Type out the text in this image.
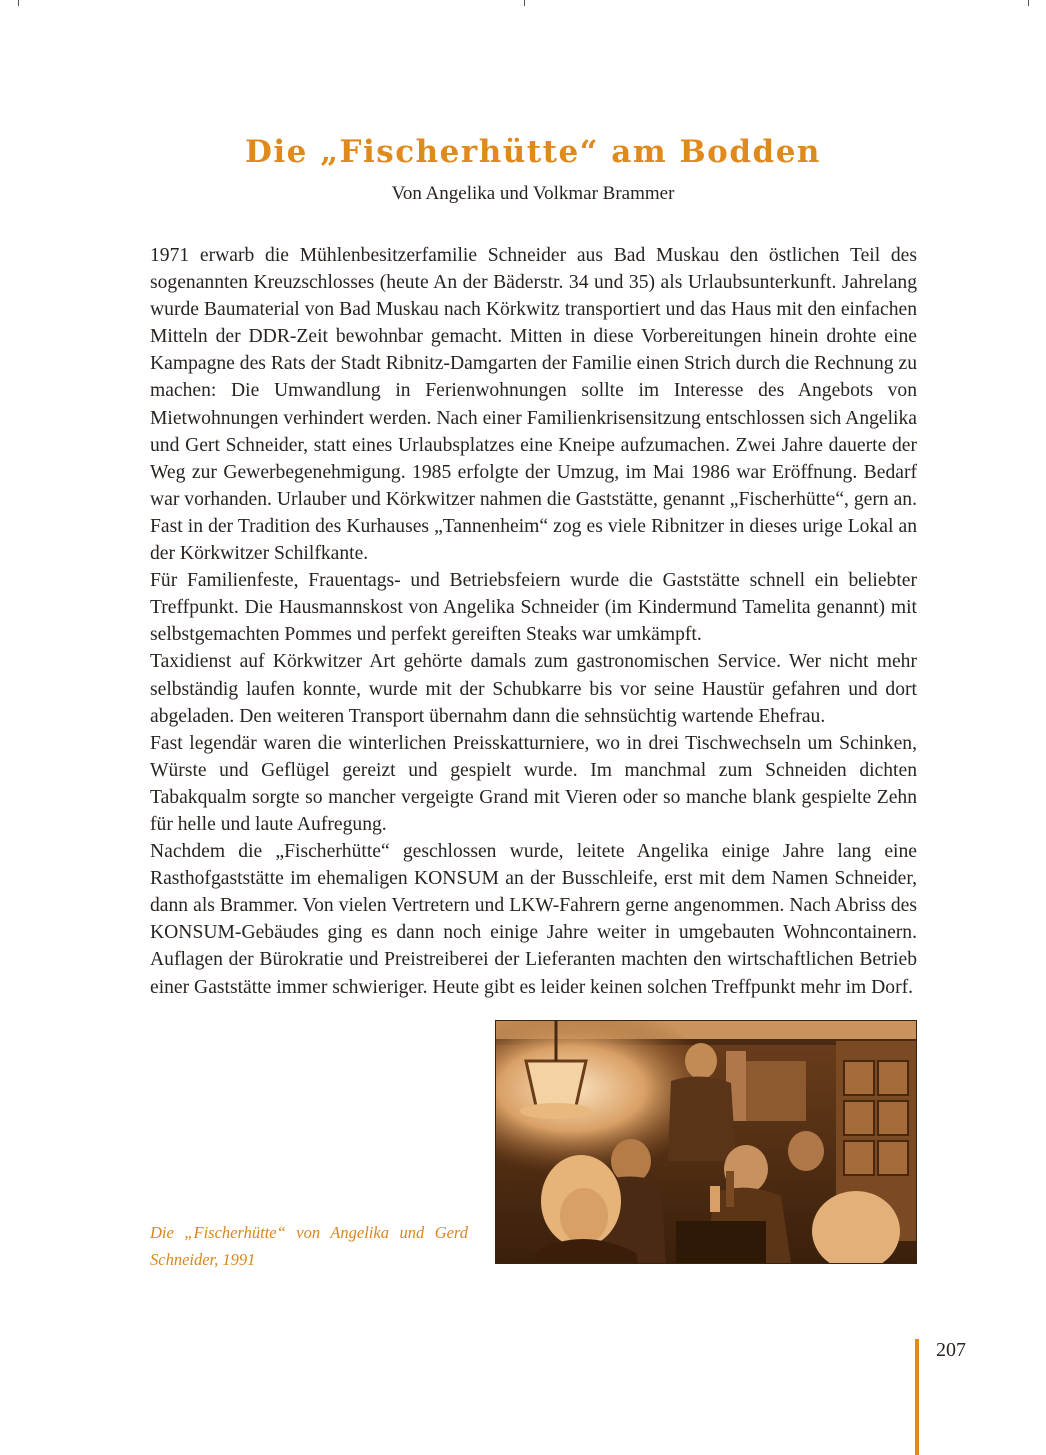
Die „Fischerhütte“ am Bodden
Von Angelika und Volkmar Brammer

1971 erwarb die Mühlenbesitzerfamilie Schneider aus Bad Muskau den östlichen Teil des sogenannten Kreuzschlosses (heute An der Bäderstr. 34 und 35) als Urlaubsunterkunft. Jahrelang wurde Baumaterial von Bad Muskau nach Körkwitz transportiert und das Haus mit den einfachen Mitteln der DDR-Zeit bewohnbar gemacht. Mitten in diese Vorbereitungen hinein drohte eine Kampagne des Rats der Stadt Ribnitz-Damgarten der Familie einen Strich durch die Rechnung zu machen: Die Umwandlung in Ferienwohnungen sollte im Interesse des Angebots von Mietwohnungen verhindert werden. Nach einer Familienkrisensitzung entschlossen sich Angelika und Gert Schneider, statt eines Urlaubsplatzes eine Kneipe aufzumachen. Zwei Jahre dauerte der Weg zur Gewerbegenehmigung. 1985 erfolgte der Umzug, im Mai 1986 war Eröffnung. Bedarf war vorhanden. Urlauber und Körkwitzer nahmen die Gaststätte, genannt „Fischerhütte“, gern an. Fast in der Tradition des Kurhauses „Tannenheim“ zog es viele Ribnitzer in dieses urige Lokal an der Körkwitzer Schilfkante.

Für Familienfeste, Frauentags- und Betriebsfeiern wurde die Gaststätte schnell ein beliebter Treffpunkt. Die Hausmannskost von Angelika Schneider (im Kindermund Tamelita genannt) mit selbstgemachten Pommes und perfekt gereiften Steaks war umkämpft.

Taxidienst auf Körkwitzer Art gehörte damals zum gastronomischen Service. Wer nicht mehr selbständig laufen konnte, wurde mit der Schubkarre bis vor seine Haustür gefahren und dort abgeladen. Den weiteren Transport übernahm dann die sehnsüchtig wartende Ehefrau.

Fast legendär waren die winterlichen Preisskatturniere, wo in drei Tischwechseln um Schinken, Würste und Geflügel gereizt und gespielt wurde. Im manchmal zum Schneiden dichten Tabakqualm sorgte so mancher vergeigte Grand mit Vieren oder so manche blank gespielte Zehn für helle und laute Aufregung.

Nachdem die „Fischerhütte“ geschlossen wurde, leitete Angelika einige Jahre lang eine Rasthofgaststätte im ehemaligen KONSUM an der Busschleife, erst mit dem Namen Schneider, dann als Brammer. Von vielen Vertretern und LKW-Fahrern gerne angenommen. Nach Abriss des KONSUM-Gebäudes ging es dann noch einige Jahre weiter in umgebauten Wohncontainern. Auflagen der Bürokratie und Preistreiberei der Lieferanten machten den wirtschaftlichen Betrieb einer Gaststätte immer schwieriger. Heute gibt es leider keinen solchen Treffpunkt mehr im Dorf.

Die „Fischerhütte“ von Angelika und Gerd Schneider, 1991
207
